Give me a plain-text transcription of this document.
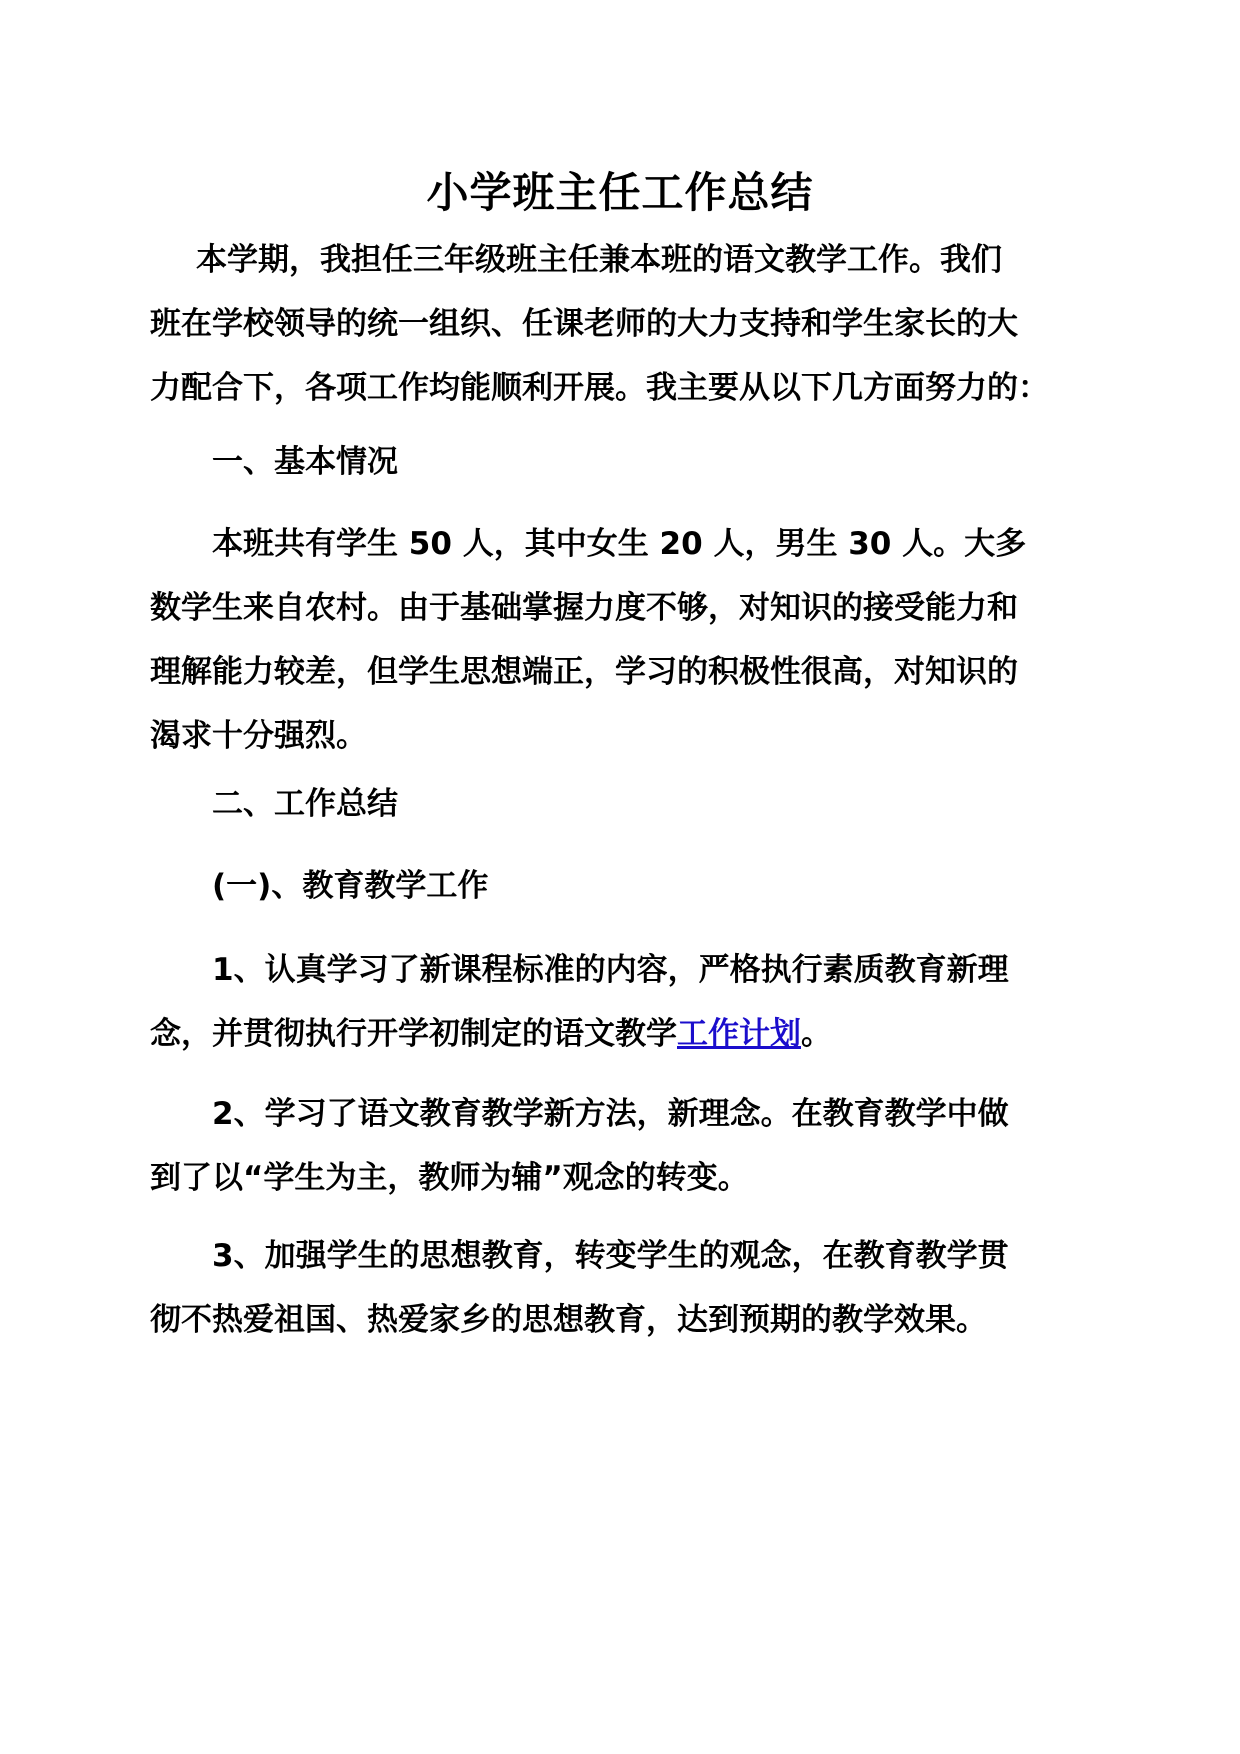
小学班主任工作总结
本学期，我担任三年级班主任兼本班的语文教学工作。我们
班在学校领导的统一组织、任课老师的大力支持和学生家长的大
力配合下，各项工作均能顺利开展。我主要从以下几方面努力的：
一、基本情况
本班共有学生 50 人，其中女生 20 人，男生 30 人。大多
数学生来自农村。由于基础掌握力度不够，对知识的接受能力和
理解能力较差，但学生思想端正，学习的积极性很高，对知识的
渴求十分强烈。
二、工作总结
(一)、教育教学工作
1、认真学习了新课程标准的内容，严格执行素质教育新理
念，并贯彻执行开学初制定的语文教学工作计划。
2、学习了语文教育教学新方法，新理念。在教育教学中做
到了以“学生为主，教师为辅”观念的转变。
3、加强学生的思想教育，转变学生的观念，在教育教学贯
彻不热爱祖国、热爱家乡的思想教育，达到预期的教学效果。
